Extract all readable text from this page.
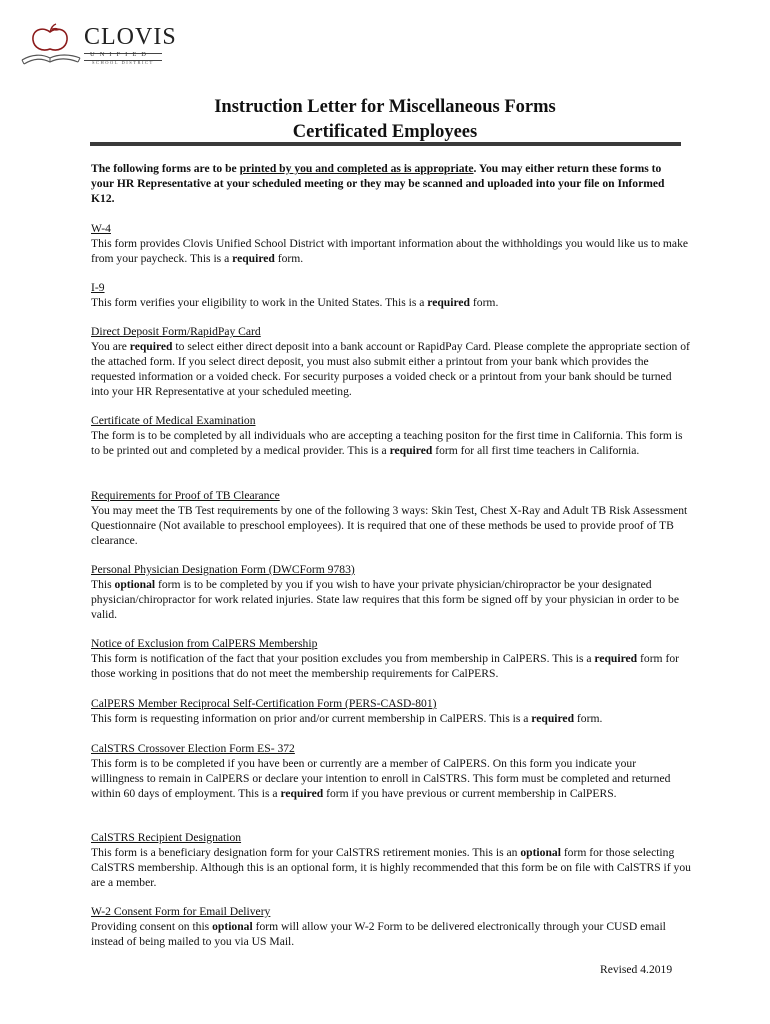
CLOVIS
UNIFIED
SCHOOL DISTRICT

Instruction Letter for Miscellaneous Forms

Certificated Employees

The following forms are to be printed by you and completed as is appropriate. You may either return these forms to your HR Representative at your scheduled meeting or they may be scanned and uploaded into your file on Informed K12.

W-4

This form provides Clovis Unified School District with important information about the withholdings you would like us to make from your paycheck. This is a required form.

I-9

This form verifies your eligibility to work in the United States. This is a required form.

Direct Deposit Form/RapidPay Card

You are required to select either direct deposit into a bank account or RapidPay Card. Please complete the appropriate section of the attached form. If you select direct deposit, you must also submit either a printout from your bank which provides the requested information or a voided check. For security purposes a voided check or a printout from your bank should be turned into your HR Representative at your scheduled meeting.

Certificate of Medical Examination

The form is to be completed by all individuals who are accepting a teaching positon for the first time in California. This form is to be printed out and completed by a medical provider. This is a required form for all first time teachers in California.

Requirements for Proof of TB Clearance

You may meet the TB Test requirements by one of the following 3 ways: Skin Test, Chest X-Ray and Adult TB Risk Assessment Questionnaire (Not available to preschool employees). It is required that one of these methods be used to provide proof of TB clearance.

Personal Physician Designation Form (DWCForm 9783)

This optional form is to be completed by you if you wish to have your private physician/chiropractor be your designated physician/chiropractor for work related injuries. State law requires that this form be signed off by your physician in order to be valid.

Notice of Exclusion from CalPERS Membership

This form is notification of the fact that your position excludes you from membership in CalPERS. This is a required form for those working in positions that do not meet the membership requirements for CalPERS.

CalPERS Member Reciprocal Self-Certification Form (PERS-CASD-801)

This form is requesting information on prior and/or current membership in CalPERS. This is a required form.

CalSTRS Crossover Election Form ES- 372

This form is to be completed if you have been or currently are a member of CalPERS. On this form you indicate your willingness to remain in CalPERS or declare your intention to enroll in CalSTRS. This form must be completed and returned within 60 days of employment. This is a required form if you have previous or current membership in CalPERS.

CalSTRS Recipient Designation

This form is a beneficiary designation form for your CalSTRS retirement monies. This is an optional form for those selecting CalSTRS membership. Although this is an optional form, it is highly recommended that this form be on file with CalSTRS if you are a member.

W-2 Consent Form for Email Delivery

Providing consent on this optional form will allow your W-2 Form to be delivered electronically through your CUSD email instead of being mailed to you via US Mail.

Revised 4.2019
